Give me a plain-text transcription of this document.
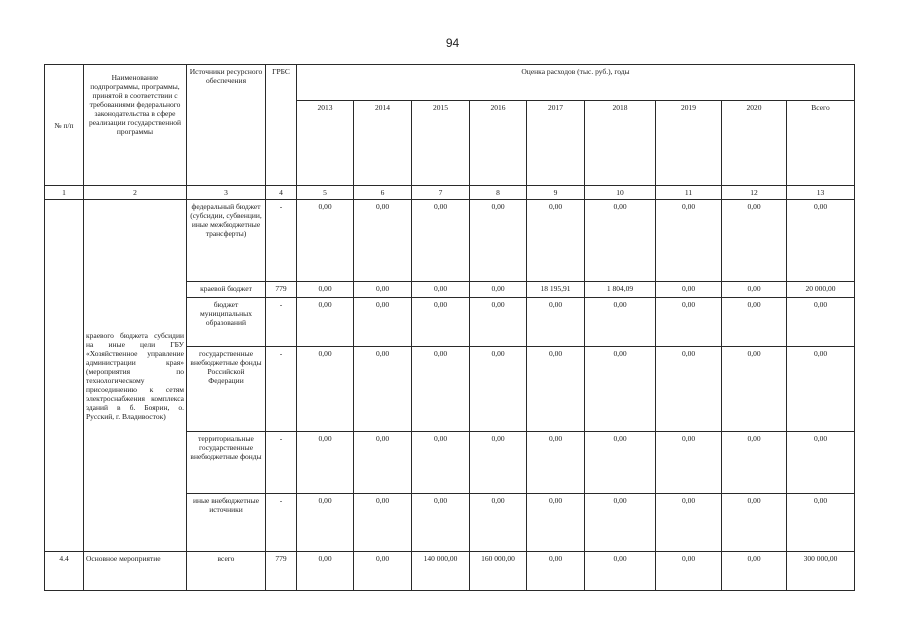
94
№ п/п	Наименование подпрограммы, программы, принятой в соответствии с требованиями федерального законодательства в сфере реализации государственной программы	Источники ресурсного обеспечения	ГРБС	Оценка расходов (тыс. руб.), годы								
				2013	2014	2015	2016	2017	2018	2019	2020	Всего
1	2	3	4	5	6	7	8	9	10	11	12	13
	краевого бюджета субсидии на иные цели ГБУ «Хозяйственное управление администрации края» (мероприятия по технологическому присоединению к сетям электроснабжения комплекса зданий в б. Боярин, о. Русский, г. Владивосток)	федеральный бюджет (субсидии, субвенции, иные межбюджетные трансферты)	-	0,00	0,00	0,00	0,00	0,00	0,00	0,00	0,00	0,00
		краевой бюджет	779	0,00	0,00	0,00	0,00	18 195,91	1 804,09	0,00	0,00	20 000,00
		бюджет муниципальных образований	-	0,00	0,00	0,00	0,00	0,00	0,00	0,00	0,00	0,00
		государственные внебюджетные фонды Российской Федерации	-	0,00	0,00	0,00	0,00	0,00	0,00	0,00	0,00	0,00
		территориальные государственные внебюджетные фонды	-	0,00	0,00	0,00	0,00	0,00	0,00	0,00	0,00	0,00
		иные внебюджетные источники	-	0,00	0,00	0,00	0,00	0,00	0,00	0,00	0,00	0,00
4.4	Основное мероприятие	всего	779	0,00	0,00	140 000,00	160 000,00	0,00	0,00	0,00	0,00	300 000,00
